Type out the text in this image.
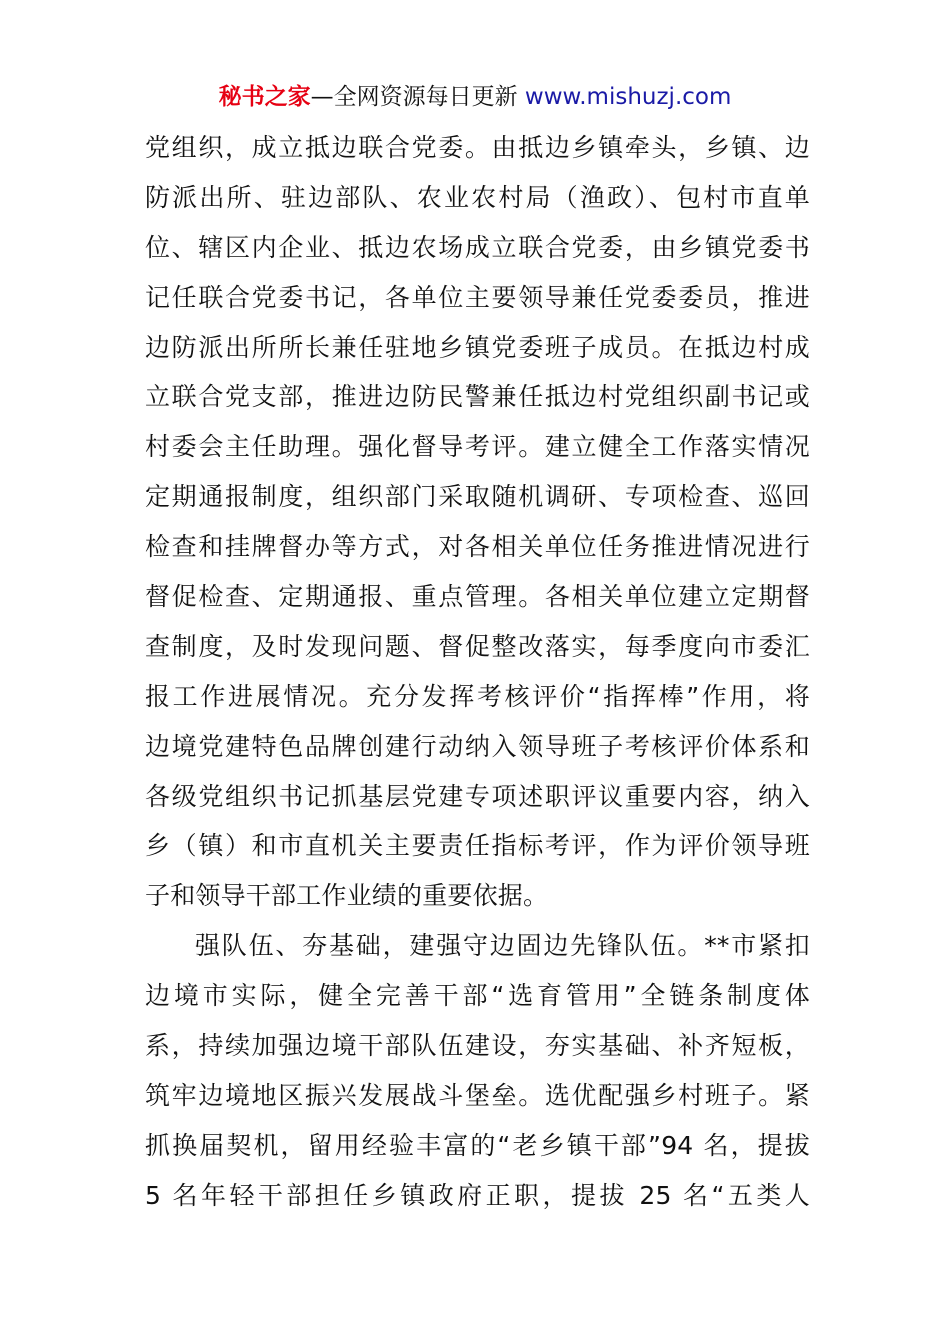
秘书之家—全网资源每日更新 www.mishuzj.com
党组织，成立抵边联合党委。由抵边乡镇牵头，乡镇、边
防派出所、驻边部队、农业农村局（渔政）、包村市直单
位、辖区内企业、抵边农场成立联合党委，由乡镇党委书
记任联合党委书记，各单位主要领导兼任党委委员，推进
边防派出所所长兼任驻地乡镇党委班子成员。在抵边村成
立联合党支部，推进边防民警兼任抵边村党组织副书记或
村委会主任助理。强化督导考评。建立健全工作落实情况
定期通报制度，组织部门采取随机调研、专项检查、巡回
检查和挂牌督办等方式，对各相关单位任务推进情况进行
督促检查、定期通报、重点管理。各相关单位建立定期督
查制度，及时发现问题、督促整改落实，每季度向市委汇
报工作进展情况。充分发挥考核评价“指挥棒”作用，将
边境党建特色品牌创建行动纳入领导班子考核评价体系和
各级党组织书记抓基层党建专项述职评议重要内容，纳入
乡（镇）和市直机关主要责任指标考评，作为评价领导班
子和领导干部工作业绩的重要依据。
强队伍、夯基础，建强守边固边先锋队伍。**市紧扣
边境市实际，健全完善干部“选育管用”全链条制度体
系，持续加强边境干部队伍建设，夯实基础、补齐短板，
筑牢边境地区振兴发展战斗堡垒。选优配强乡村班子。紧
抓换届契机，留用经验丰富的“老乡镇干部”94 名，提拔
5 名年轻干部担任乡镇政府正职，提拔 25 名“五类人
